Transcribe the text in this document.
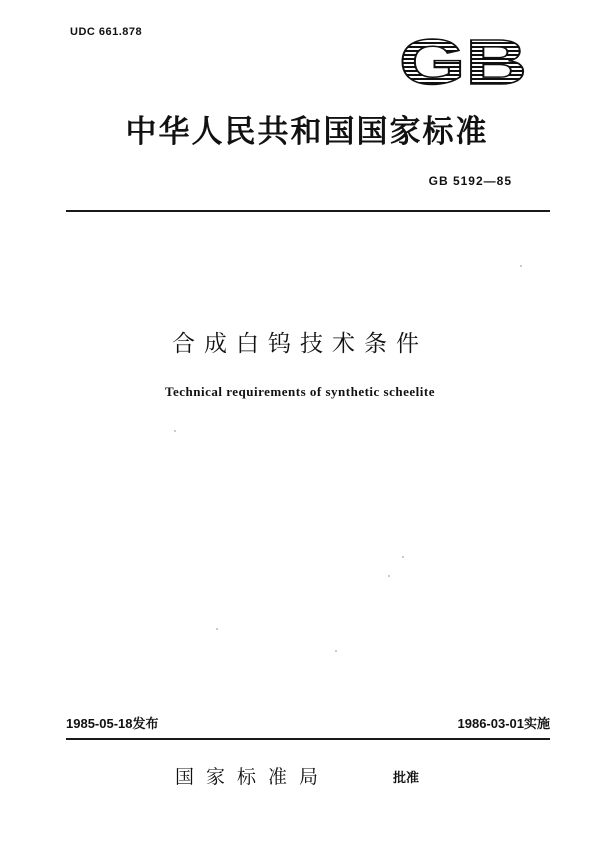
UDC 661.878	GB
中华人民共和国国家标准
GB 5192—85
合成白钨技术条件
Technical requirements of synthetic scheelite
1985-05-18发布	1986-03-01实施
国家标准局	批准
